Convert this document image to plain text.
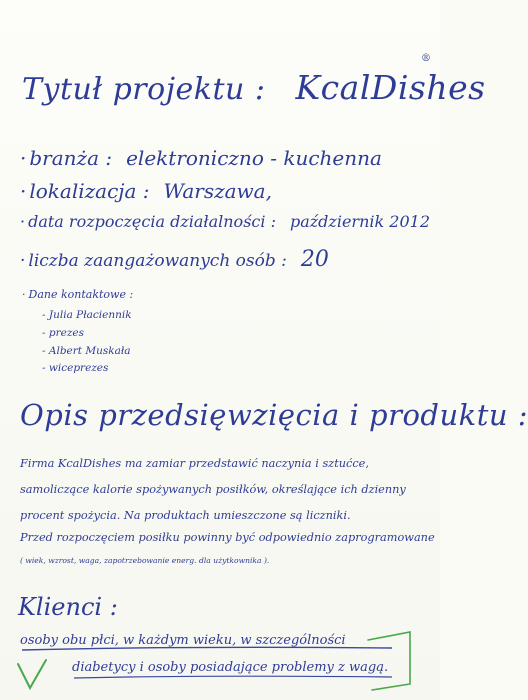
Tytuł projektu : KcalDishes
®
· branża : elektroniczno - kuchenna
· lokalizacja : Warszawa,
· data rozpoczęcia działalności : październik 2012
· liczba zaangażowanych osób : 20
· Dane kontaktowe :
- Julia Płaciennik
- prezes
- Albert Muskała
- wiceprezes
Opis przedsięwzięcia i produktu :
Firma KcalDishes ma zamiar przedstawić naczynia i sztućce,
samoliczące kalorie spożywanych posiłków, określające ich dzienny
procent spożycia. Na produktach umieszczone są liczniki.
Przed rozpoczęciem posiłku powinny być odpowiednio zaprogramowane
( wiek, wzrost, waga, zapotrzebowanie energ. dla użytkownika ).
Klienci :
osoby obu płci, w każdym wieku, w szczególności
diabetycy i osoby posiadające problemy z wagą.
